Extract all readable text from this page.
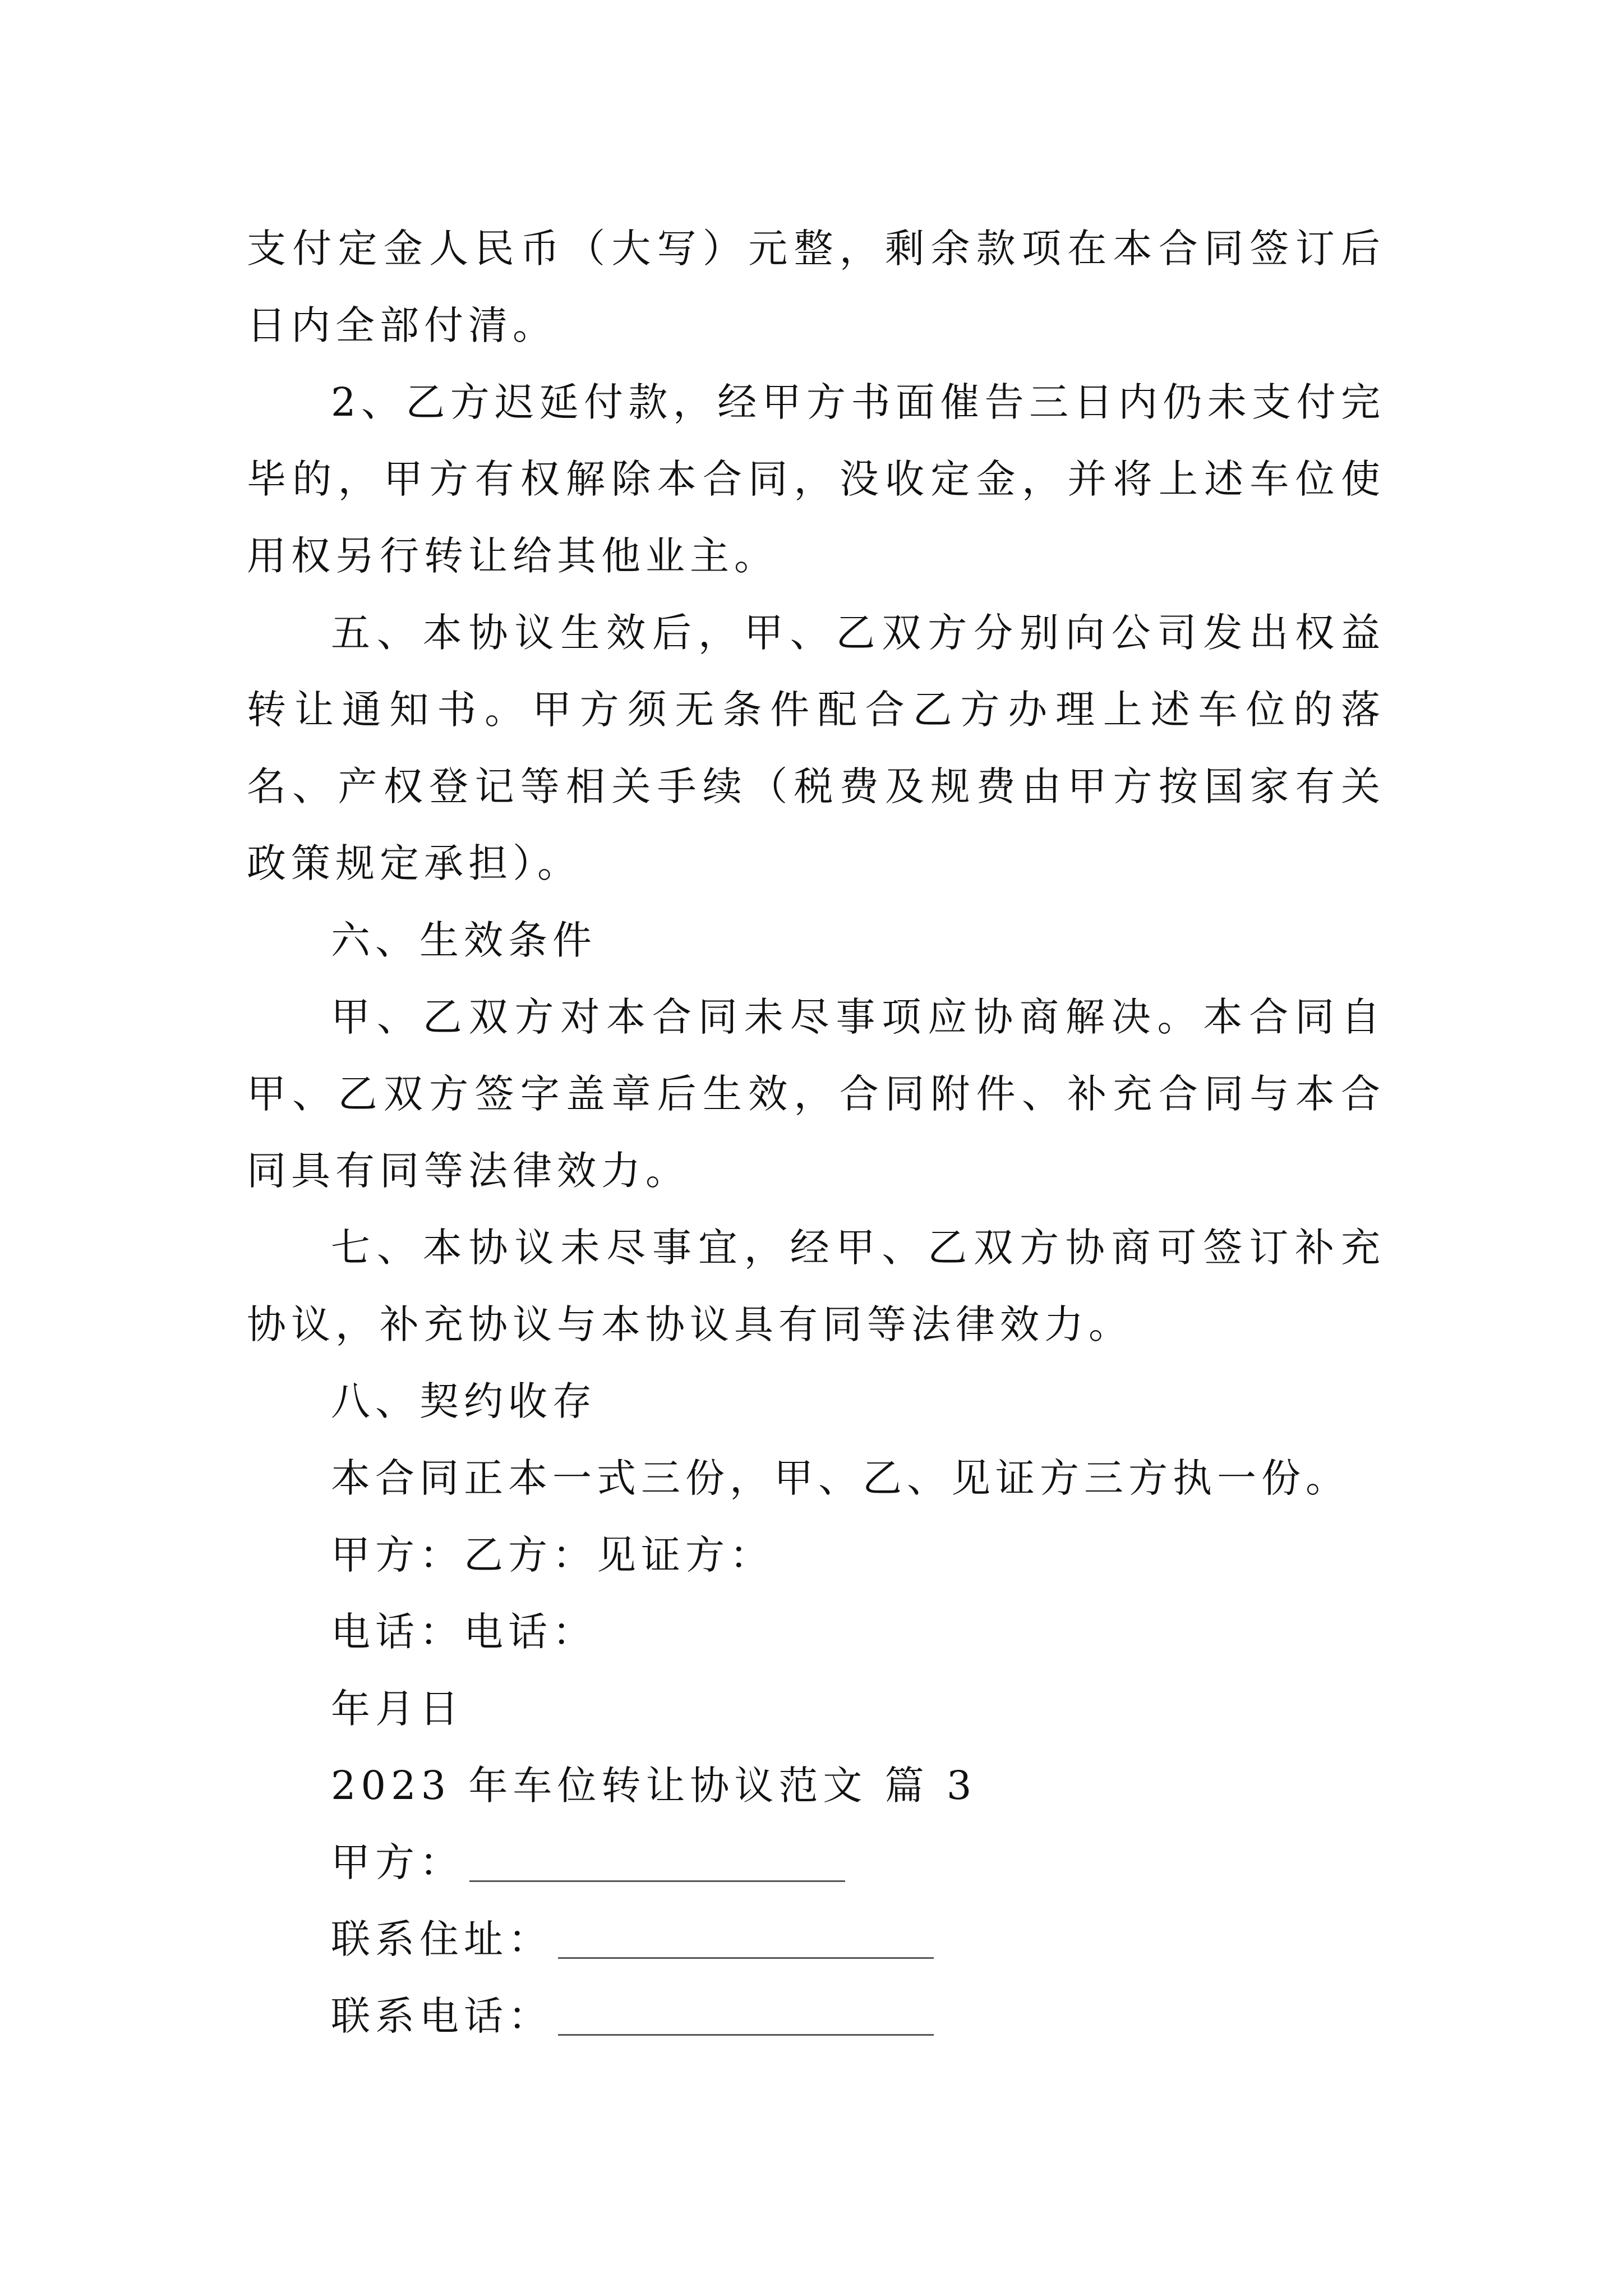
支付定金人民币（大写）元整，剩余款项在本合同签订后日内全部付清。

2、乙方迟延付款，经甲方书面催告三日内仍未支付完毕的，甲方有权解除本合同，没收定金，并将上述车位使用权另行转让给其他业主。

五、本协议生效后，甲、乙双方分别向公司发出权益转让通知书。甲方须无条件配合乙方办理上述车位的落名、产权登记等相关手续（税费及规费由甲方按国家有关政策规定承担）。

六、生效条件

甲、乙双方对本合同未尽事项应协商解决。本合同自甲、乙双方签字盖章后生效，合同附件、补充合同与本合同具有同等法律效力。

七、本协议未尽事宜，经甲、乙双方协商可签订补充协议，补充协议与本协议具有同等法律效力。

八、契约收存

本合同正本一式三份，甲、乙、见证方三方执一份。

甲方：乙方：见证方：

电话：电话：

年月日

2023 年车位转让协议范文 篇 3

甲方：
联系住址：
联系电话：
